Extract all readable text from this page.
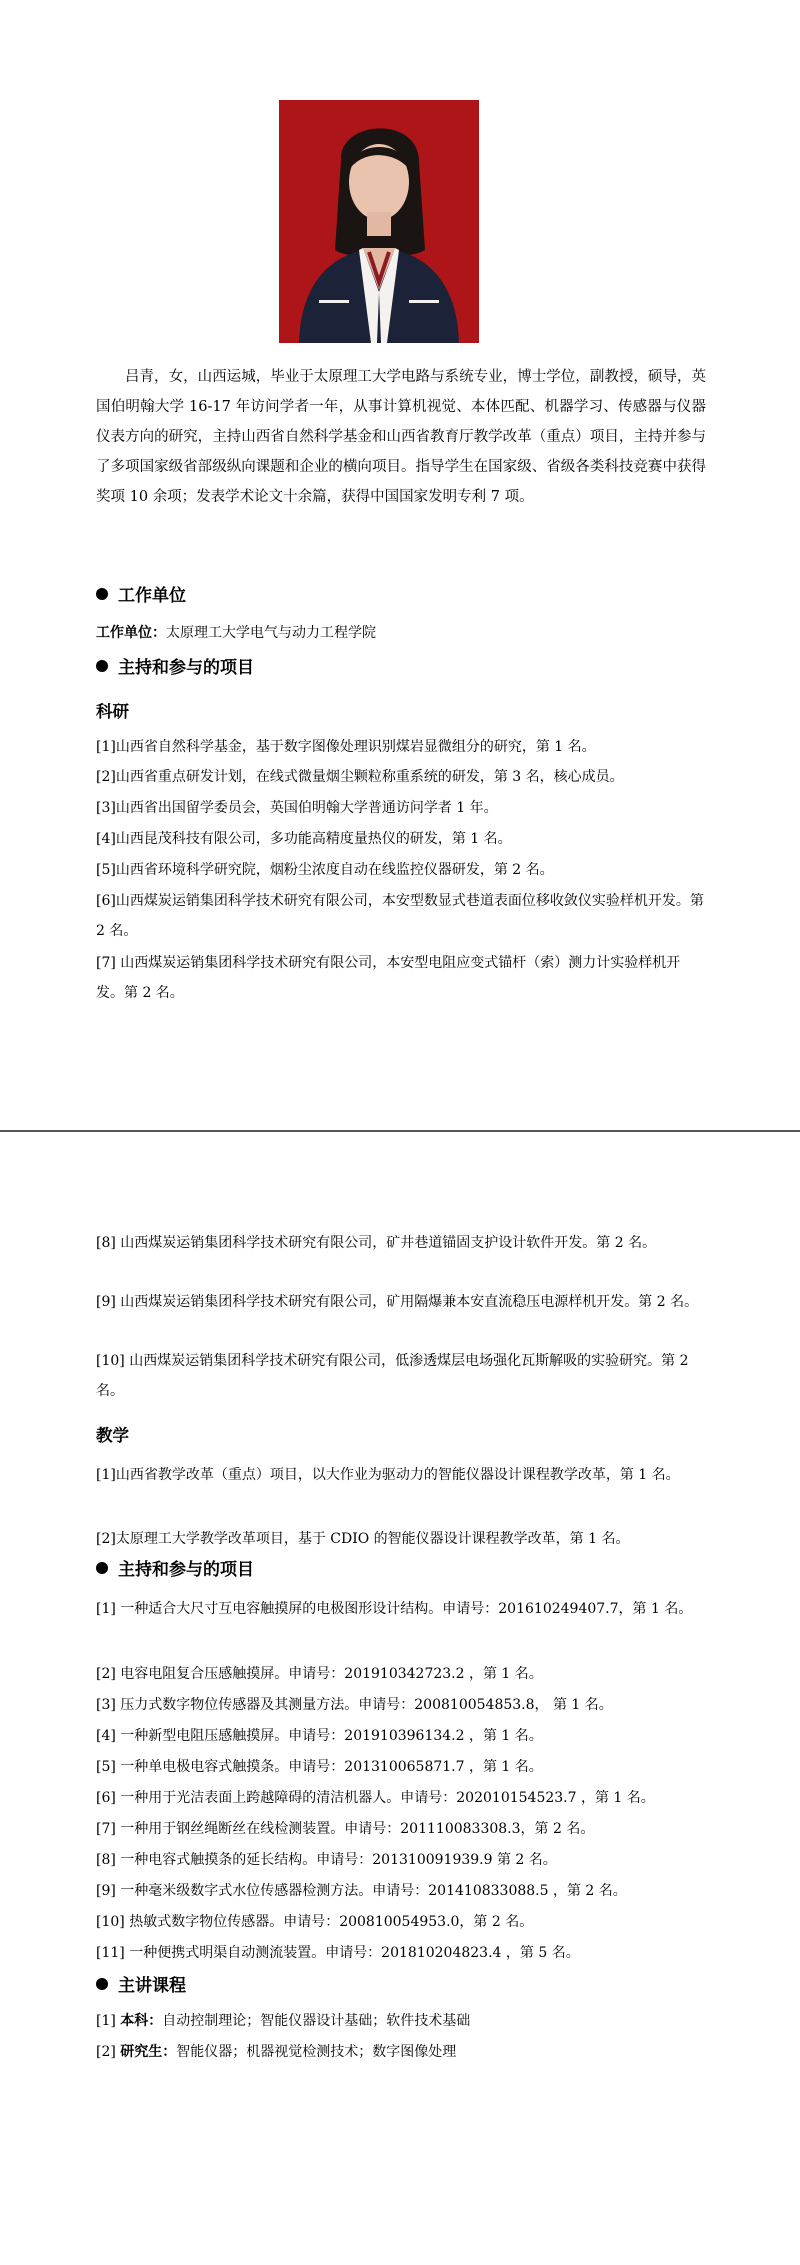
吕青，女，山西运城，毕业于太原理工大学电路与系统专业，博士学位，副教授，硕导，英国伯明翰大学 16-17 年访问学者一年，从事计算机视觉、本体匹配、机器学习、传感器与仪器仪表方向的研究，主持山西省自然科学基金和山西省教育厅教学改革（重点）项目，主持并参与了多项国家级省部级纵向课题和企业的横向项目。指导学生在国家级、省级各类科技竞赛中获得奖项 10 余项；发表学术论文十余篇，获得中国国家发明专利 7 项。
工作单位
工作单位：太原理工大学电气与动力工程学院
主持和参与的项目
科研
[1]山西省自然科学基金，基于数字图像处理识别煤岩显微组分的研究，第 1 名。
[2]山西省重点研发计划，在线式微量烟尘颗粒称重系统的研发，第 3 名，核心成员。
[3]山西省出国留学委员会，英国伯明翰大学普通访问学者 1 年。
[4]山西昆茂科技有限公司，多功能高精度量热仪的研发，第 1 名。
[5]山西省环境科学研究院，烟粉尘浓度自动在线监控仪器研发，第 2 名。
[6]山西煤炭运销集团科学技术研究有限公司，本安型数显式巷道表面位移收敛仪实验样机开发。第 2 名。
[7] 山西煤炭运销集团科学技术研究有限公司，本安型电阻应变式锚杆（索）测力计实验样机开发。第 2 名。
[8] 山西煤炭运销集团科学技术研究有限公司，矿井巷道锚固支护设计软件开发。第 2 名。
[9] 山西煤炭运销集团科学技术研究有限公司，矿用隔爆兼本安直流稳压电源样机开发。第 2 名。
[10] 山西煤炭运销集团科学技术研究有限公司，低渗透煤层电场强化瓦斯解吸的实验研究。第 2 名。
教学
[1]山西省教学改革（重点）项目，以大作业为驱动力的智能仪器设计课程教学改革，第 1 名。
[2]太原理工大学教学改革项目，基于 CDIO 的智能仪器设计课程教学改革，第 1 名。
主持和参与的项目
[1] 一种适合大尺寸互电容触摸屏的电极图形设计结构。申请号：201610249407.7，第 1 名。
[2] 电容电阻复合压感触摸屏。申请号：201910342723.2 ，第 1 名。
[3] 压力式数字物位传感器及其测量方法。申请号：200810054853.8， 第 1 名。
[4] 一种新型电阻压感触摸屏。申请号：201910396134.2 ，第 1 名。
[5] 一种单电极电容式触摸条。申请号：201310065871.7 ，第 1 名。
[6] 一种用于光洁表面上跨越障碍的清洁机器人。申请号：202010154523.7 ，第 1 名。
[7] 一种用于钢丝绳断丝在线检测装置。申请号：201110083308.3，第 2 名。
[8] 一种电容式触摸条的延长结构。申请号：201310091939.9 第 2 名。
[9] 一种毫米级数字式水位传感器检测方法。申请号：201410833088.5 ，第 2 名。
[10] 热敏式数字物位传感器。申请号：200810054953.0，第 2 名。
[11] 一种便携式明渠自动测流装置。申请号：201810204823.4 ，第 5 名。
主讲课程
[1] 本科：自动控制理论；智能仪器设计基础；软件技术基础
[2] 研究生：智能仪器；机器视觉检测技术；数字图像处理
